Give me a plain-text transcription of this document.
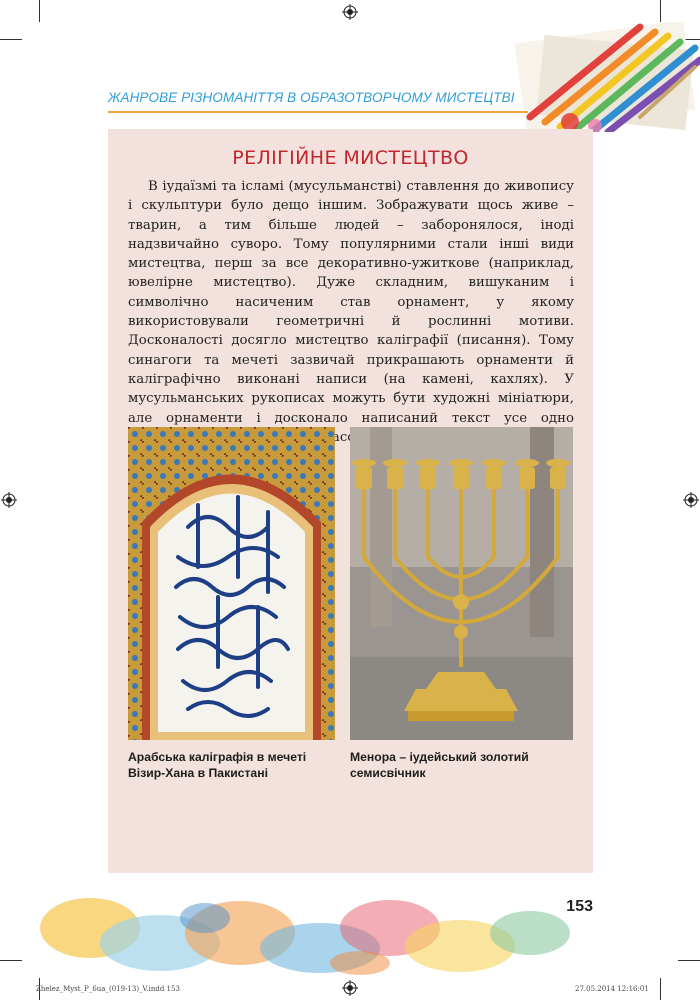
ЖАНРОВЕ РІЗНОМАНІТТЯ В ОБРАЗОТВОРЧОМУ МИСТЕЦТВІ
РЕЛІГІЙНЕ МИСТЕЦТВО
В іудаїзмі та ісламі (мусульманстві) ставлення до живопису і скульптури було дещо іншим. Зображувати щось живе – тварин, а тим більше людей – заборонялося, іноді надзвичайно суворо. Тому популярними стали інші види мистецтва, перш за все декоративно-ужиткове (наприклад, ювелірне мистецтво). Дуже складним, вишуканим і символічно насиченим став орнамент, у якому використовували геометричні й рослинні мотиви. Досконалості досягло мистецтво каліграфії (писання). Тому синагоги та мечеті зазвичай прикрашають орнаменти й каліграфічно виконані написи (на камені, кахлях). У мусульманських рукописах можуть бути художні мініатюри, але орнаменти і досконало написаний текст усе одно
Арабська каліграфія в мечеті
Візир-Хана в Пакистані
Менора – іудейський золотий
семисвічник
153
Zhelez_Myst_P_6ua_(019-13)_V.indd 153	27.05.2014 12:16:01
